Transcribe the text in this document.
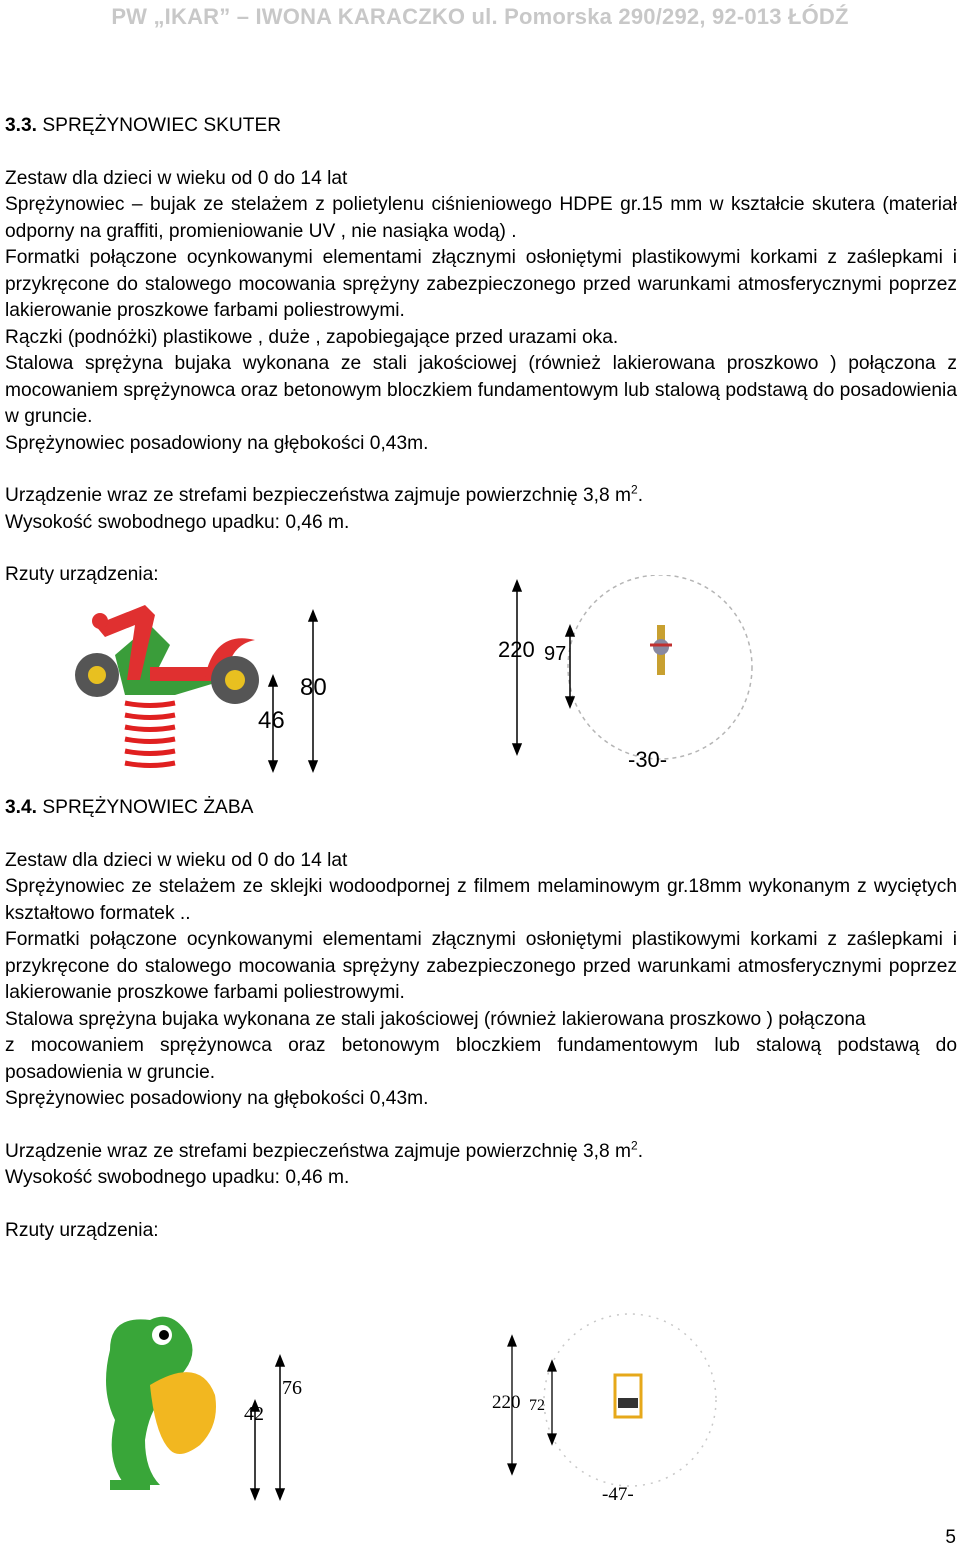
PW „IKAR” – IWONA KARACZKO ul. Pomorska 290/292, 92-013 ŁÓDŹ

3.3. SPRĘŻYNOWIEC SKUTER

Zestaw dla dzieci w wieku od 0 do 14 lat

Sprężynowiec – bujak ze stelażem z polietylenu ciśnieniowego HDPE gr.15 mm w kształcie skutera (materiał odporny na graffiti, promieniowanie UV , nie nasiąka wodą) .

Formatki połączone ocynkowanymi elementami złącznymi osłoniętymi plastikowymi korkami z zaślepkami i przykręcone do stalowego mocowania sprężyny zabezpieczonego przed warunkami atmosferycznymi poprzez lakierowanie proszkowe farbami poliestrowymi.

Rączki (podnóżki) plastikowe , duże , zapobiegające przed urazami oka.

Stalowa sprężyna bujaka wykonana ze stali jakościowej (również lakierowana proszkowo ) połączona z mocowaniem sprężynowca oraz betonowym bloczkiem fundamentowym lub stalową podstawą do posadowienia w gruncie.

Sprężynowiec posadowiony na głębokości 0,43m.

Urządzenie wraz ze strefami bezpieczeństwa zajmuje powierzchnię 3,8 $m^2$.

Wysokość swobodnego upadku: 0,46 m.

Rzuty urządzenia:

80
46
220 97
-30-

3.4. SPRĘŻYNOWIEC ŻABA

Zestaw dla dzieci w wieku od 0 do 14 lat

Sprężynowiec ze stelażem ze sklejki wodoodpornej z filmem melaminowym gr.18mm wykonanym z wyciętych kształtowo formatek ..

Formatki połączone ocynkowanymi elementami złącznymi osłoniętymi plastikowymi korkami z zaślepkami i przykręcone do stalowego mocowania sprężyny zabezpieczonego przed warunkami atmosferycznymi poprzez lakierowanie proszkowe farbami poliestrowymi.

Stalowa sprężyna bujaka wykonana ze stali jakościowej (również lakierowana proszkowo ) połączona

z mocowaniem sprężynowca oraz betonowym bloczkiem fundamentowym lub stalową podstawą do posadowienia w gruncie.

Sprężynowiec posadowiony na głębokości 0,43m.

Urządzenie wraz ze strefami bezpieczeństwa zajmuje powierzchnię 3,8 $m^2$.

Wysokość swobodnego upadku: 0,46 m.

Rzuty urządzenia:

76
42
220 72
-47-
5
